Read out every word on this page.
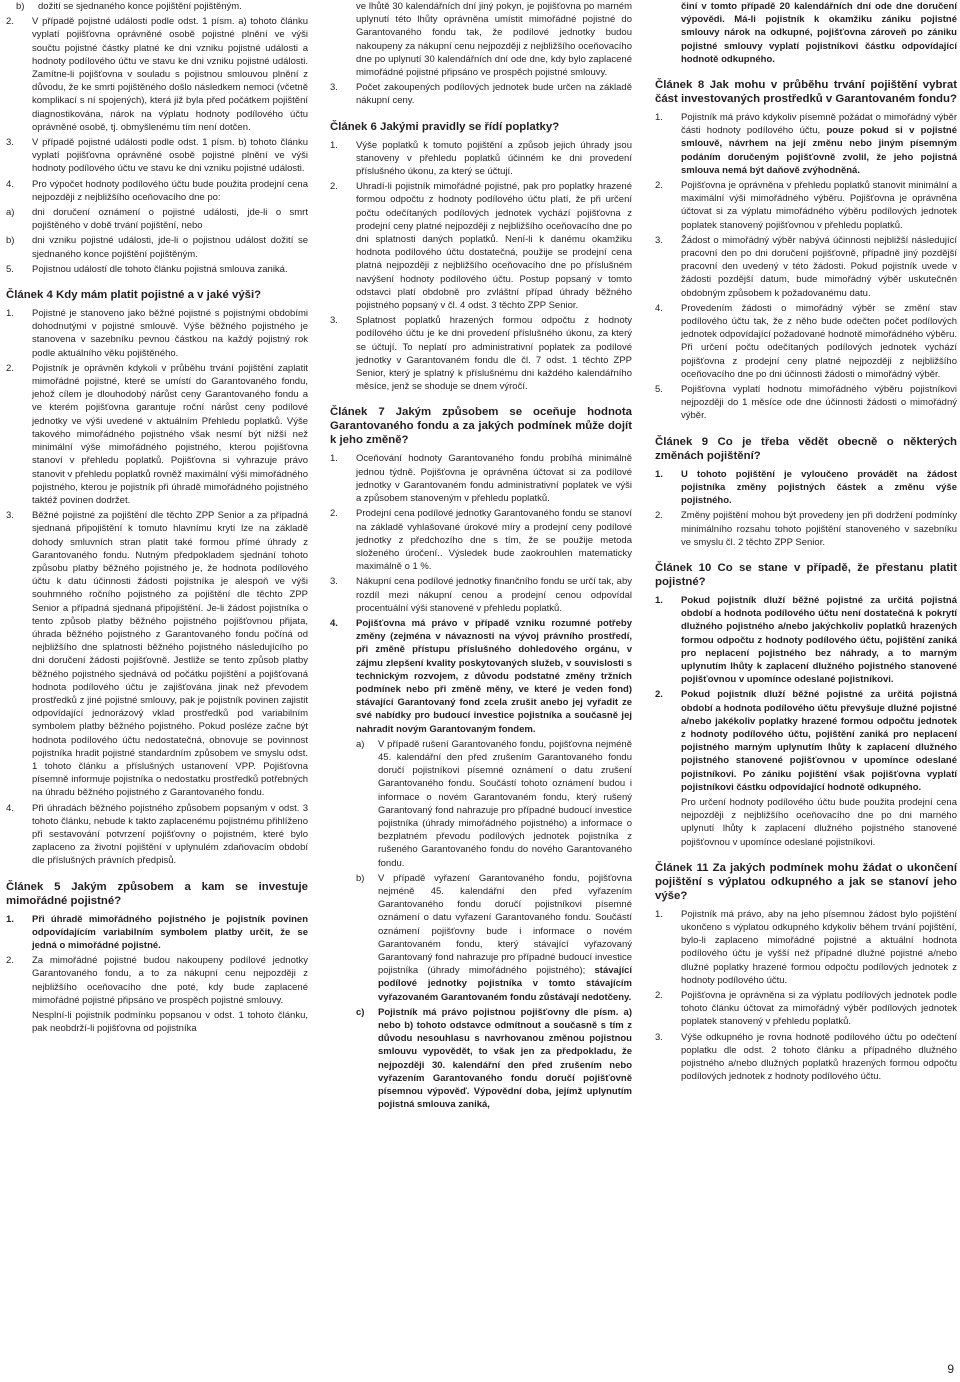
b)	dožití se sjednaného konce pojištění pojištěným.
2.	V případě pojistné události podle odst. 1 písm. a) tohoto článku vyplatí pojišťovna oprávněné osobě pojistné plnění ve výši součtu pojistné částky platné ke dni vzniku pojistné události a hodnoty podílového účtu ve stavu ke dni vzniku pojistné události. Zamítne-li pojišťovna v souladu s pojistnou smlouvou plnění z důvodu, že ke smrti pojištěného došlo následkem nemoci (včetně komplikací s ní spojených), která již byla před počátkem pojištění diagnostikována, nárok na výplatu hodnoty podílového účtu oprávněné osobě, tj. obmyšlenému tím není dotčen.
3.	V případě pojistné události podle odst. 1 písm. b) tohoto článku vyplatí pojišťovna oprávněné osobě pojistné plnění ve výši hodnoty podílového účtu ve stavu ke dni vzniku pojistné události.
4.	Pro výpočet hodnoty podílového účtu bude použita prodejní cena nejpozději z nejbližšího oceňovacího dne po:
a)	dni doručení oznámení o pojistné události, jde-li o smrt pojištěného v době trvání pojištění, nebo
b)	dni vzniku pojistné události, jde-li o pojistnou událost dožití se sjednaného konce pojištění pojištěným.
5.	Pojistnou událostí dle tohoto článku pojistná smlouva zaniká.
Článek 4 Kdy mám platit pojistné a v jaké výši?
1.	Pojistné je stanoveno jako běžné pojistné s pojistnými obdobími dohodnutými v pojistné smlouvě. Výše běžného pojistného je stanovena v sazebníku pevnou částkou na každý pojistný rok podle aktuálního věku pojištěného.
2.	Pojistník je oprávněn kdykoli v průběhu trvání pojištění zaplatit mimořádné pojistné, které se umístí do Garantovaného fondu, jehož cílem je dlouhodobý nárůst ceny Garantovaného fondu a ve kterém pojišťovna garantuje roční nárůst ceny podílové jednotky ve výši uvedené v aktuálním Přehledu poplatků. Výše takového mimořádného pojistného však nesmí být nižší než minimální výše mimořádného pojistného, kterou pojišťovna stanoví v přehledu poplatků. Pojišťovna si vyhrazuje právo stanovit v přehledu poplatků rovněž maximální výši mimořádného pojistného, kterou je pojistník při úhradě mimořádného pojistného taktéž povinen dodržet.
3.	Běžné pojistné za pojištění dle těchto ZPP Senior a za případná sjednaná připojištění k tomuto hlavnímu krytí lze na základě dohody smluvních stran platit také formou přímé úhrady z Garantovaného fondu. Nutným předpokladem sjednání tohoto způsobu platby běžného pojistného je, že hodnota podílového účtu k datu účinnosti žádosti pojistníka je alespoň ve výši souhrnného ročního pojistného za pojištění dle těchto ZPP Senior a případná sjednaná připojištění. Je-li žádost pojistníka o tento způsob platby běžného pojistného pojišťovnou přijata, úhrada běžného pojistného z Garantovaného fondu počíná od nejbližšího dne splatnosti běžného pojistného následujícího po dni doručení žádosti pojišťovně. Jestliže se tento způsob platby běžného pojistného sjednává od počátku pojištění a pojišťovaná hodnota podílového účtu je zajišťována jinak než převodem prostředků z jiné pojistné smlouvy, pak je pojistník povinen zajistit odpovídající jednorázový vklad prostředků pod variabilním symbolem platby běžného pojistného. Pokud posléze začne být hodnota podílového účtu nedostatečná, obnovuje se povinnost pojistníka hradit pojistné standardním způsobem ve smyslu odst. 1 tohoto článku a příslušných ustanovení VPP. Pojišťovna písemně informuje pojistníka o nedostatku prostředků potřebných na úhradu běžného pojistného z Garantovaného fondu.
4.	Při úhradách běžného pojistného způsobem popsaným v odst. 3 tohoto článku, nebude k takto zaplacenému pojistnému přihlíženo při sestavování potvrzení pojišťovny o pojistném, které bylo zaplaceno za životní pojištění v uplynulém zdaňovacím období dle příslušných právních předpisů.
Článek 5 Jakým způsobem a kam se investuje mimořádné pojistné?
1.	Při úhradě mimořádného pojistného je pojistník povinen odpovídajícím variabilním symbolem platby určit, že se jedná o mimořádné pojistné.
2.	Za mimořádné pojistné budou nakoupeny podílové jednotky Garantovaného fondu, a to za nákupní cenu nejpozději z nejbližšího oceňovacího dne poté, kdy bude zaplacené mimořádné pojistné připsáno ve prospěch pojistné smlouvy.

Nesplní-li pojistník podmínku popsanou v odst. 1 tohoto článku, pak neobdrží-li pojišťovna od pojistníka

ve lhůtě 30 kalendářních dní jiný pokyn, je pojišťovna po marném uplynutí této lhůty oprávněna umístit mimořádné pojistné do Garantovaného fondu tak, že podílové jednotky budou nakoupeny za nákupní cenu nejpozději z nejbližšího oceňovacího dne po uplynutí 30 kalendářních dní ode dne, kdy bylo zaplacené mimořádné pojistné připsáno ve prospěch pojistné smlouvy.

3.	Počet zakoupených podílových jednotek bude určen na základě nákupní ceny.
Článek 6 Jakými pravidly se řídí poplatky?
1.	Výše poplatků k tomuto pojištění a způsob jejich úhrady jsou stanoveny v přehledu poplatků účinném ke dni provedení příslušného úkonu, za který se účtují.
2.	Uhradí-li pojistník mimořádné pojistné, pak pro poplatky hrazené formou odpočtu z hodnoty podílového účtu platí, že při určení počtu odečítaných podílových jednotek vychází pojišťovna z prodejní ceny platné nejpozději z nejbližšího oceňovacího dne po dni splatnosti daných poplatků. Není-li k danému okamžiku hodnota podílového účtu dostatečná, použije se prodejní cena platná nejpozději z nejbližšího oceňovacího dne po příslušném navýšení hodnoty podílového účtu. Postup popsaný v tomto odstavci platí obdobně pro zvláštní případ úhrady běžného pojistného popsaný v čl. 4 odst. 3 těchto ZPP Senior.
3.	Splatnost poplatků hrazených formou odpočtu z hodnoty podílového účtu je ke dni provedení příslušného úkonu, za který se účtují. To neplatí pro administrativní poplatek za podílové jednotky v Garantovaném fondu dle čl. 7 odst. 1 těchto ZPP Senior, který je splatný k příslušnému dni každého kalendářního měsíce, jenž se shoduje se dnem výročí.
Článek 7 Jakým způsobem se oceňuje hodnota Garantovaného fondu a za jakých podmínek může dojít k jeho změně?
1.	Oceňování hodnoty Garantovaného fondu probíhá minimálně jednou týdně. Pojišťovna je oprávněna účtovat si za podílové jednotky v Garantovaném fondu administrativní poplatek ve výši a způsobem stanoveným v přehledu poplatků.
2.	Prodejní cena podílové jednotky Garantovaného fondu se stanoví na základě vyhlašované úrokové míry a prodejní ceny podílové jednotky z předchozího dne s tím, že se použije metoda složeného úročení.. Výsledek bude zaokrouhlen matematicky maximálně o 1 %.
3.	Nákupní cena podílové jednotky finančního fondu se určí tak, aby rozdíl mezi nákupní cenou a prodejní cenou odpovídal procentuální výši stanovené v přehledu poplatků.
4.	Pojišťovna má právo v případě vzniku rozumné potřeby změny (zejména v návaznosti na vývoj právního prostředí, při změně přístupu příslušného dohledového orgánu, v zájmu zlepšení kvality poskytovaných služeb, v souvislosti s technickým rozvojem, z důvodu podstatné změny tržních podmínek nebo při změně měny, ve které je veden fond) stávající Garantovaný fond zcela zrušit anebo jej vyřadit ze své nabídky pro budoucí investice pojistníka a současně jej nahradit novým Garantovaným fondem.
a)	V případě rušení Garantovaného fondu, pojišťovna nejméně 45. kalendářní den před zrušením Garantovaného fondu doručí pojistníkovi písemné oznámení o datu zrušení Garantovaného fondu. Součástí tohoto oznámení budou i informace o novém Garantovaném fondu, který rušený Garantovaný fond nahrazuje pro případné budoucí investice pojistníka (úhrady mimořádného pojistného) a informace o bezplatném převodu podílových jednotek pojistníka z rušeného Garantovaného fondu do nového Garantovaného fondu.
b)	V případě vyřazení Garantovaného fondu, pojišťovna nejméně 45. kalendářní den před vyřazením Garantovaného fondu doručí pojistníkovi písemné oznámení o datu vyřazení Garantovaného fondu. Součástí oznámení pojišťovny bude i informace o novém Garantovaném fondu, který stávající vyřazovaný Garantovaný fond nahrazuje pro případné budoucí investice pojistníka (úhrady mimořádného pojistného); stávající podílové jednotky pojistníka v tomto stávajícím vyřazovaném Garantovaném fondu zůstávají nedotčeny.
c)	Pojistník má právo pojistnou pojišťovny dle písm. a) nebo b) tohoto odstavce odmítnout a současně s tím z důvodu nesouhlasu s navrhovanou změnou pojistnou smlouvu vypovědět, to však jen za předpokladu, že nejpozději 30. kalendářní den před zrušením nebo vyřazením Garantovaného fondu doručí pojišťovně písemnou výpověď. Výpovědní doba, jejímž uplynutím pojistná smlouva zaniká,

činí v tomto případě 20 kalendářních dní ode dne doručení výpovědi. Má-li pojistník k okamžiku zániku pojistné smlouvy nárok na odkupné, pojišťovna zároveň po zániku pojistné smlouvy vyplatí pojistníkovi částku odpovídající hodnotě odkupného.

Článek 8 Jak mohu v průběhu trvání pojištění vybrat část investovaných prostředků v Garantovaném fondu?
1.	Pojistník má právo kdykoliv písemně požádat o mimořádný výběr části hodnoty podílového účtu, pouze pokud si v pojistné smlouvě, návrhem na její změnu nebo jiným písemným podáním doručeným pojišťovně zvolil, že jeho pojistná smlouva nemá být daňově zvýhodněná.
2.	Pojišťovna je oprávněna v přehledu poplatků stanovit minimální a maximální výši mimořádného výběru. Pojišťovna je oprávněna účtovat si za výplatu mimořádného výběru podílových jednotek poplatek stanovený pojišťovnou v přehledu poplatků.
3.	Žádost o mimořádný výběr nabývá účinnosti nejbližší následující pracovní den po dni doručení pojišťovně, případně jiný pozdější pracovní den uvedený v této žádosti. Pokud pojistník uvede v žádosti pozdější datum, bude mimořádný výběr uskutečněn obdobným způsobem k požadovanému datu.
4.	Provedením žádosti o mimořádný výběr se změní stav podílového účtu tak, že z něho bude odečten počet podílových jednotek odpovídající požadované hodnotě mimořádného výběru. Při určení počtu odečítaných podílových jednotek vychází pojišťovna z prodejní ceny platné nejpozději z nejbližšího oceňovacího dne po dni účinnosti žádosti o mimořádný výběr.
5.	Pojišťovna vyplatí hodnotu mimořádného výběru pojistníkovi nejpozději do 1 měsíce ode dne účinnosti žádosti o mimořádný výběr.
Článek 9 Co je třeba vědět obecně o některých změnách pojištění?
1.	U tohoto pojištění je vyloučeno provádět na žádost pojistníka změny pojistných částek a změnu výše pojistného.
2.	Změny pojištění mohou být provedeny jen při dodržení podmínky minimálního rozsahu tohoto pojištění stanoveného v sazebníku ve smyslu čl. 2 těchto ZPP Senior.
Článek 10 Co se stane v případě, že přestanu platit pojistné?
1.	Pokud pojistník dluží běžné pojistné za určitá pojistná období a hodnota podílového účtu není dostatečná k pokrytí dlužného pojistného a/nebo jakýchkoliv poplatků hrazených formou odpočtu z hodnoty podílového účtu, pojištění zaniká pro neplacení pojistného bez náhrady, a to marným uplynutím lhůty k zaplacení dlužného pojistného stanovené pojišťovnou v upomínce odeslané pojistníkovi.
2.	Pokud pojistník dluží běžné pojistné za určitá pojistná období a hodnota podílového účtu převyšuje dlužné pojistné a/nebo jakékoliv poplatky hrazené formou odpočtu jednotek z hodnoty podílového účtu, pojištění zaniká pro neplacení pojistného marným uplynutím lhůty k zaplacení dlužného pojistného stanovené pojišťovnou v upomínce odeslané pojistníkovi. Po zániku pojištění však pojišťovna vyplatí pojistníkovi částku odpovídající hodnotě odkupného.

Pro určení hodnoty podílového účtu bude použita prodejní cena nejpozději z nejbližšího oceňovacího dne po dni marného uplynutí lhůty k zaplacení dlužného pojistného stanovené pojišťovnou v upomínce odeslané pojistníkovi.

Článek 11 Za jakých podmínek mohu žádat o ukončení pojištění s výplatou odkupného a jak se stanoví jeho výše?
1.	Pojistník má právo, aby na jeho písemnou žádost bylo pojištění ukončeno s výplatou odkupného kdykoliv během trvání pojištění, bylo-li zaplaceno mimořádné pojistné a aktuální hodnota podílového účtu je vyšší než případné dlužné pojistné a/nebo dlužné poplatky hrazené formou odpočtu podílových jednotek z hodnoty podílového účtu.
2.	Pojišťovna je oprávněna si za výplatu podílových jednotek podle tohoto článku účtovat za mimořádný výběr podílových jednotek poplatek stanovený v přehledu poplatků.
3.	Výše odkupného je rovna hodnotě podílového účtu po odečtení poplatku dle odst. 2 tohoto článku a případného dlužného pojistného a/nebo dlužných poplatků hrazených formou odpočtu podílových jednotek z hodnoty podílového účtu.
9
